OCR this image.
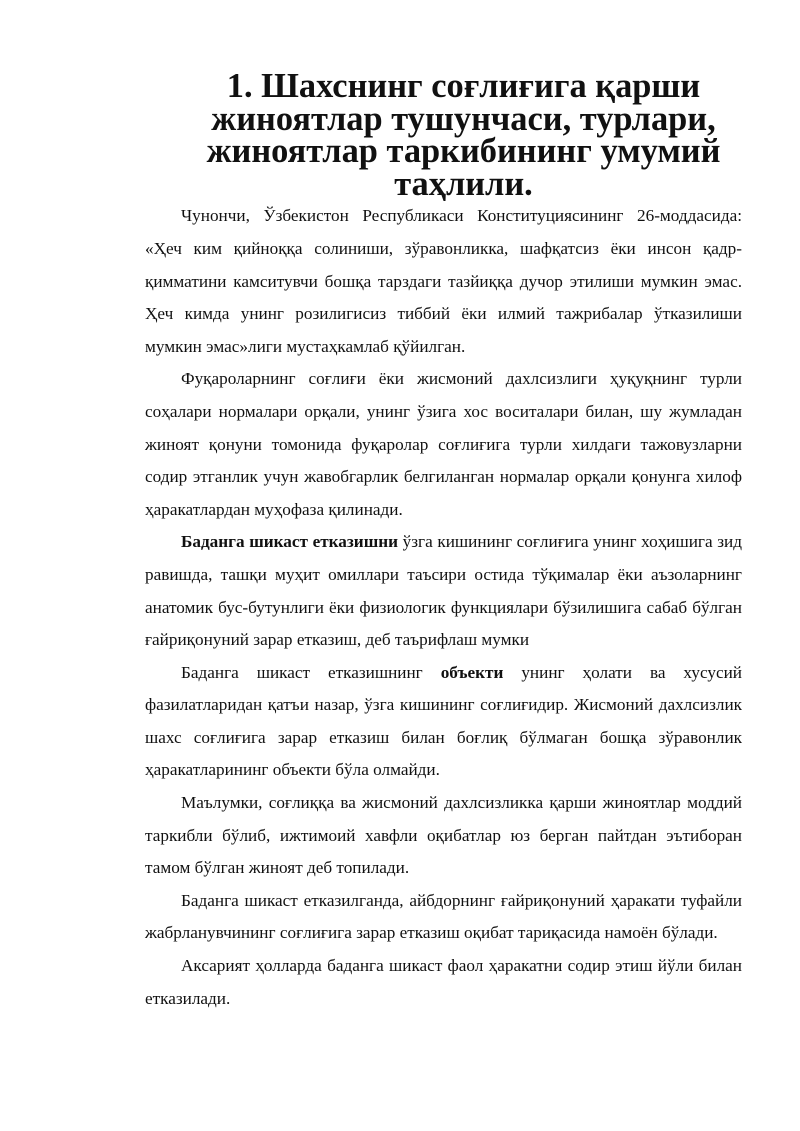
1. Шахснинг соғлиғига қарши жиноятлар тушунчаси, турлари,
жиноятлар таркибининг умумий таҳлили.

Чунончи, Ўзбекистон Республикаси Конституциясининг 26-моддасида: «Ҳеч ким қийноққа солиниши, зўравонликка, шафқатсиз ёки инсон қадр-қимматини камситувчи бошқа тарздаги тазйиққа дучор этилиши мумкин эмас. Ҳеч кимда унинг розилигисиз тиббий ёки илмий тажрибалар ўтказилиши мумкин эмас»лиги мустаҳкамлаб қўйилган.

Фуқароларнинг соғлиғи ёки жисмоний дахлсизлиги ҳуқуқнинг турли соҳалари нормалари орқали, унинг ўзига хос воситалари билан, шу жумладан жиноят қонуни томонида фуқаролар соғлиғига турли хилдаги тажовузларни содир этганлик учун жавобгарлик белгиланган нормалар орқали қонунга хилоф ҳаракатлардан муҳофаза қилинади.

Баданга шикаст етказишни ўзга кишининг соғлиғига унинг хоҳишига зид равишда, ташқи муҳит омиллари таъсири остида тўқималар ёки аъзоларнинг анатомик бус-бутунлиги ёки физиологик функциялари бўзилишига сабаб бўлган ғайриқонуний зарар етказиш, деб таърифлаш мумки

Баданга шикаст етказишнинг объекти унинг ҳолати ва хусусий фазилатларидан қатъи назар, ўзга кишининг соғлиғидир. Жисмоний дахлсизлик шахс соғлиғига зарар етказиш билан боғлиқ бўлмаган бошқа зўравонлик ҳаракатларининг объекти бўла олмайди.

Маълумки, соғлиққа ва жисмоний дахлсизликка қарши жиноятлар моддий таркибли бўлиб, ижтимоий хавфли оқибатлар юз берган пайтдан эътиборан тамом бўлган жиноят деб топилади.

Баданга шикаст етказилганда, айбдорнинг ғайриқонуний ҳаракати туфайли жабрланувчининг соғлиғига зарар етказиш оқибат тариқасида намоён бўлади.

Аксарият ҳолларда баданга шикаст фаол ҳаракатни содир этиш йўли билан етказилади.
